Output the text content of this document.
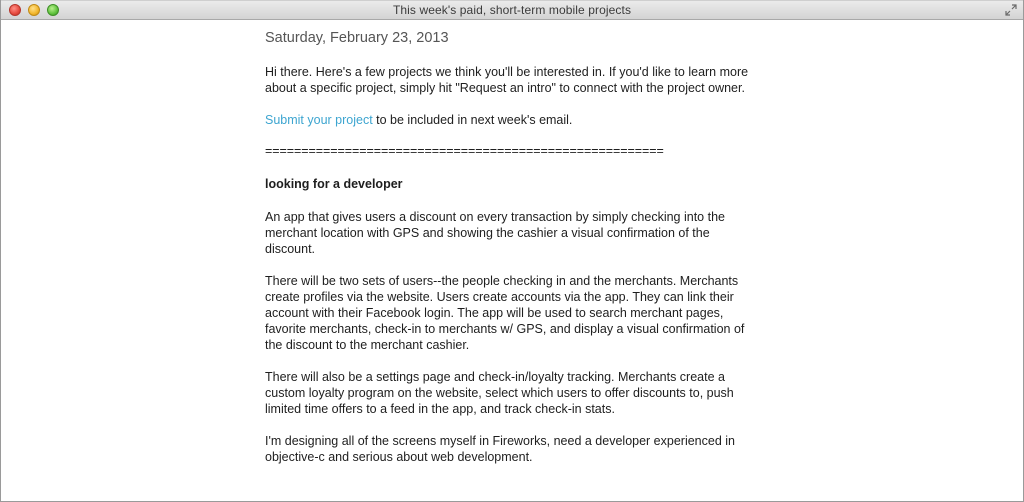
This week's paid, short-term mobile projects
Saturday, February 23, 2013

Hi there. Here's a few projects we think you'll be interested in. If you'd like to learn more about a specific project, simply hit "Request an intro" to connect with the project owner.

Submit your project to be included in next week's email.

=======================================================

looking for a developer

An app that gives users a discount on every transaction by simply checking into the merchant location with GPS and showing the cashier a visual confirmation of the discount.

There will be two sets of users--the people checking in and the merchants. Merchants create profiles via the website. Users create accounts via the app. They can link their account with their Facebook login. The app will be used to search merchant pages, favorite merchants, check-in to merchants w/ GPS, and display a visual confirmation of the discount to the merchant cashier.

There will also be a settings page and check-in/loyalty tracking. Merchants create a custom loyalty program on the website, select which users to offer discounts to, push limited time offers to a feed in the app, and track check-in stats.

I'm designing all of the screens myself in Fireworks, need a developer experienced in objective-c and serious about web development.
